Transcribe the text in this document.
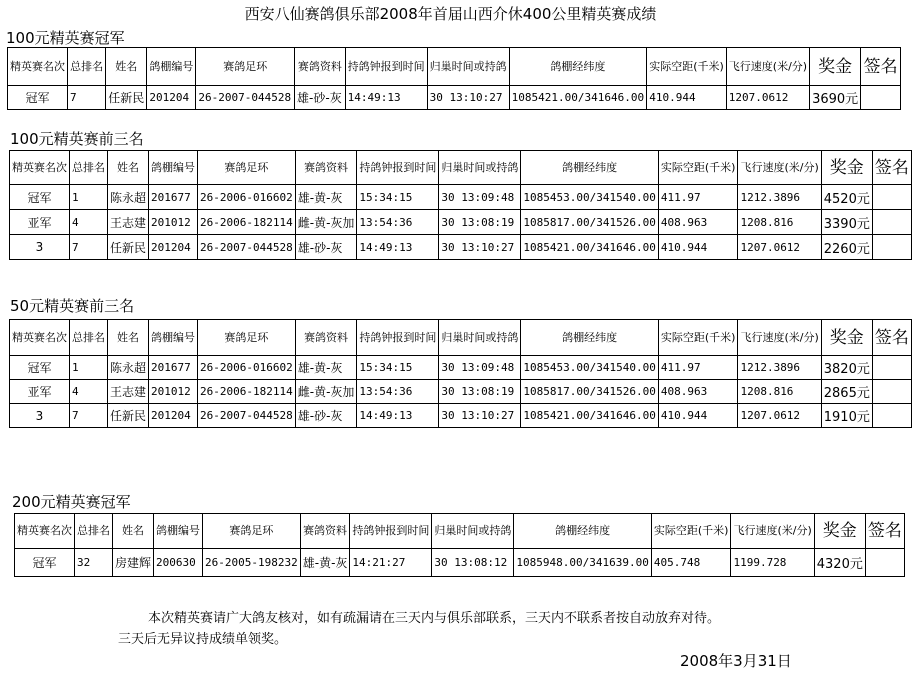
西安八仙赛鸽俱乐部2008年首届山西介休400公里精英赛成绩
100元精英赛冠军
100元精英赛前三名
50元精英赛前三名
200元精英赛冠军
精英赛名次	总排名	姓名	鸽棚编号	赛鸽足环	赛鸽资料	持鸽钟报到时间	归巢时间或持鸽	鸽棚经纬度	实际空距(千米)	飞行速度(米/分)	奖金	签名
冠军	7	任新民	201204	26-2007-044528	雄-砂-灰	14:49:13	30 13:10:27	1085421.00/341646.00	410.944	1207.0612	3690元	
精英赛名次	总排名	姓名	鸽棚编号	赛鸽足环	赛鸽资料	持鸽钟报到时间	归巢时间或持鸽	鸽棚经纬度	实际空距(千米)	飞行速度(米/分)	奖金	签名
冠军	1	陈永超	201677	26-2006-016602	雄-黄-灰	15:34:15	30 13:09:48	1085453.00/341540.00	411.97	1212.3896	4520元	
亚军	4	王志建	201012	26-2006-182114	雌-黄-灰加	13:54:36	30 13:08:19	1085817.00/341526.00	408.963	1208.816	3390元	
3	7	任新民	201204	26-2007-044528	雄-砂-灰	14:49:13	30 13:10:27	1085421.00/341646.00	410.944	1207.0612	2260元	
精英赛名次	总排名	姓名	鸽棚编号	赛鸽足环	赛鸽资料	持鸽钟报到时间	归巢时间或持鸽	鸽棚经纬度	实际空距(千米)	飞行速度(米/分)	奖金	签名
冠军	1	陈永超	201677	26-2006-016602	雄-黄-灰	15:34:15	30 13:09:48	1085453.00/341540.00	411.97	1212.3896	3820元	
亚军	4	王志建	201012	26-2006-182114	雌-黄-灰加	13:54:36	30 13:08:19	1085817.00/341526.00	408.963	1208.816	2865元	
3	7	任新民	201204	26-2007-044528	雄-砂-灰	14:49:13	30 13:10:27	1085421.00/341646.00	410.944	1207.0612	1910元	
精英赛名次	总排名	姓名	鸽棚编号	赛鸽足环	赛鸽资料	持鸽钟报到时间	归巢时间或持鸽	鸽棚经纬度	实际空距(千米)	飞行速度(米/分)	奖金	签名
冠军	32	房建辉	200630	26-2005-198232	雄-黄-灰	14:21:27	30 13:08:12	1085948.00/341639.00	405.748	1199.728	4320元	
本次精英赛请广大鸽友核对，如有疏漏请在三天内与俱乐部联系，三天内不联系者按自动放弃对待。
三天后无异议持成绩单领奖。
2008年3月31日
